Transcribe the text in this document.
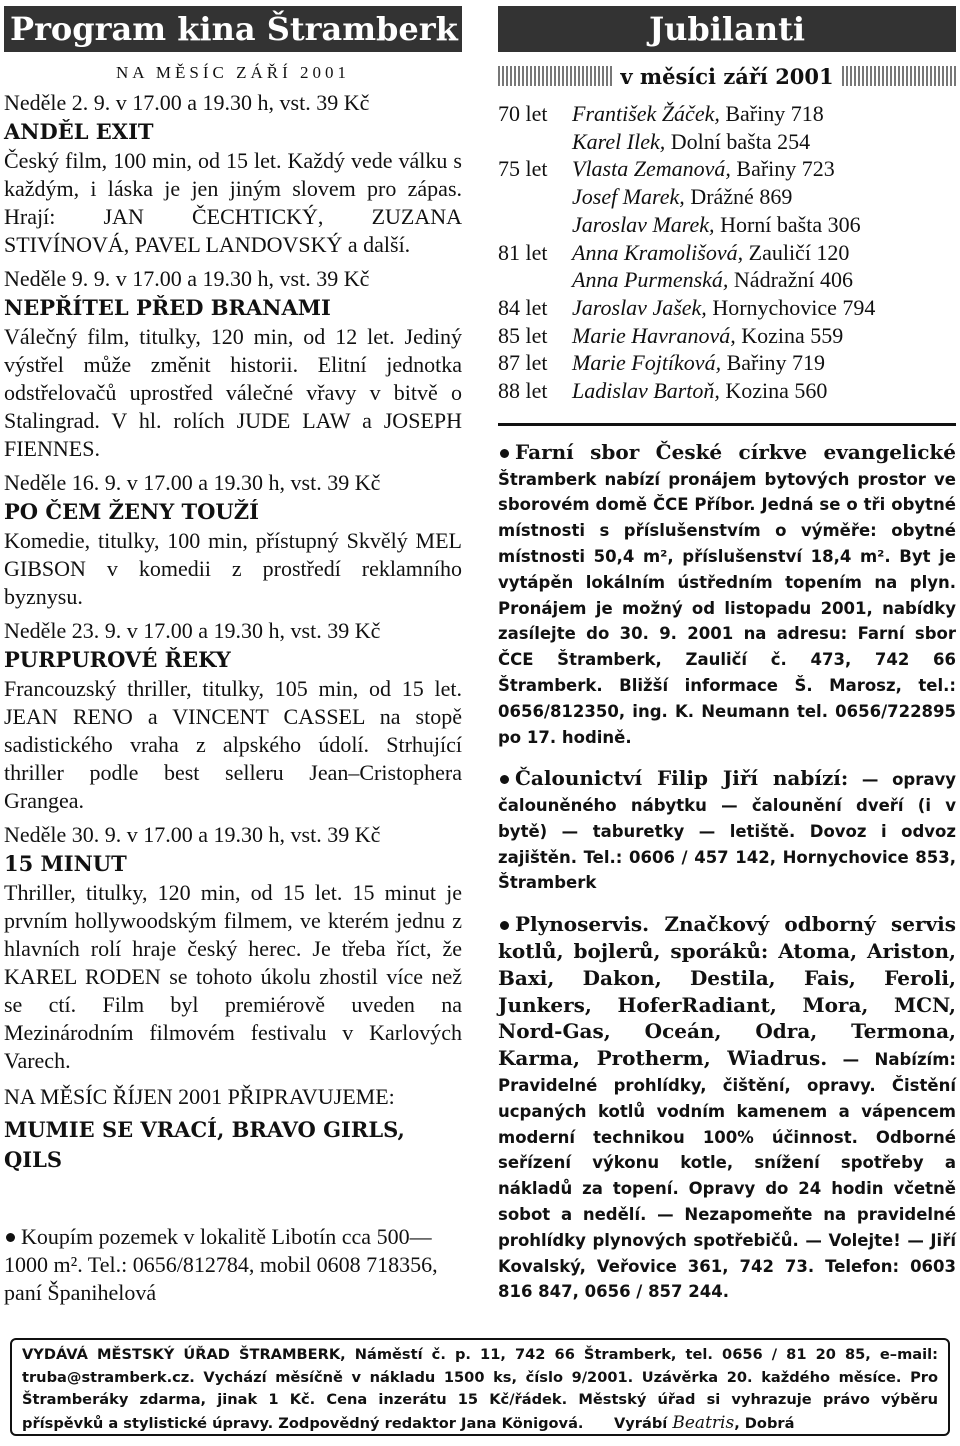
Program kina Štramberk
NA MĚSÍC ZÁŘÍ 2001
Neděle 2. 9. v 17.00 a 19.30 h, vst. 39 Kč
ANDĚL EXIT
Český film, 100 min, od 15 let. Každý vede válku s každým, i láska je jen jiným slovem pro zápas. Hrají: JAN ČECHTICKÝ, ZUZANA STIVÍNOVÁ, PAVEL LANDOVSKÝ a další.
Neděle 9. 9. v 17.00 a 19.30 h, vst. 39 Kč
NEPŘÍTEL PŘED BRANAMI
Válečný film, titulky, 120 min, od 12 let. Jediný výstřel může změnit historii. Elitní jednotka odstřelovačů uprostřed válečné vřavy v bitvě o Stalingrad. V hl. rolích JUDE LAW a JOSEPH FIENNES.
Neděle 16. 9. v 17.00 a 19.30 h, vst. 39 Kč
PO ČEM ŽENY TOUŽÍ
Komedie, titulky, 100 min, přístupný Skvělý MEL GIBSON v komedii z prostředí reklamního byznysu.
Neděle 23. 9. v 17.00 a 19.30 h, vst. 39 Kč
PURPUROVÉ ŘEKY
Francouzský thriller, titulky, 105 min, od 15 let. JEAN RENO a VINCENT CASSEL na stopě sadistického vraha z alpského údolí. Strhující thriller podle best selleru Jean–Cristophera Grangea.
Neděle 30. 9. v 17.00 a 19.30 h, vst. 39 Kč
15 MINUT
Thriller, titulky, 120 min, od 15 let. 15 minut je prvním hollywoodským filmem, ve kterém jednu z hlavních rolí hraje český herec. Je třeba říct, že KAREL RODEN se tohoto úkolu zhostil více než se ctí. Film byl premiérově uveden na Mezinárodním filmovém festivalu v Karlových Varech.
NA MĚSÍC ŘÍJEN 2001 PŘIPRAVUJEME:
MUMIE SE VRACÍ, BRAVO GIRLS, QILS
Koupím pozemek v lokalitě Libotín cca 500—1000 m². Tel.: 0656/812784, mobil 0608 718356, paní Španihelová
Jubilanti
v měsíci září 2001
70 let	František Žáček, Bařiny 718
Karel Ilek, Dolní bašta 254
75 let	Vlasta Zemanová, Bařiny 723
Josef Marek, Drážné 869
Jaroslav Marek, Horní bašta 306
81 let	Anna Kramolišová, Zauličí 120
Anna Purmenská, Nádražní 406
84 let	Jaroslav Jašek, Hornychovice 794
85 let	Marie Havranová, Kozina 559
87 let	Marie Fojtíková, Bařiny 719
88 let	Ladislav Bartoň, Kozina 560
Farní sbor České církve evangelické Štramberk nabízí pronájem bytových prostor ve sborovém domě ČCE Příbor. Jedná se o tři obytné místnosti s příslušenstvím o výměře: obytné místnosti 50,4 m², příslušenství 18,4 m². Byt je vytápěn lokálním ústředním topením na plyn. Pronájem je možný od listopadu 2001, nabídky zasílejte do 30. 9. 2001 na adresu: Farní sbor ČCE Štramberk, Zauličí č. 473, 742 66 Štramberk. Bližší informace Š. Marosz, tel.: 0656/812350, ing. K. Neumann tel. 0656/722895 po 17. hodině.
Čalounictví Filip Jiří nabízí: — opravy čalouněného nábytku — čalounění dveří (i v bytě) — taburetky — letiště. Dovoz i odvoz zajištěn. Tel.: 0606 / 457 142, Hornychovice 853, Štramberk
Plynoservis. Značkový odborný servis kotlů, bojlerů, sporáků: Atoma, Ariston, Baxi, Dakon, Destila, Fais, Feroli, Junkers, HoferRadiant, Mora, MCN, Nord-Gas, Oceán, Odra, Termona, Karma, Protherm, Wiadrus. — Nabízím: Pravidelné prohlídky, čištění, opravy. Čistění ucpaných kotlů vodním kamenem a vápencem moderní technikou 100% účinnost. Odborné seřízení výkonu kotle, snížení spotřeby a nákladů za topení. Opravy do 24 hodin včetně sobot a nedělí. — Nezapomeňte na pravidelné prohlídky plynových spotřebičů. — Volejte! — Jiří Kovalský, Veřovice 361, 742 73. Telefon: 0603 816 847, 0656 / 857 244.
VYDÁVÁ MĚSTSKÝ ÚŘAD ŠTRAMBERK, Náměstí č. p. 11, 742 66 Štramberk, tel. 0656 / 81 20 85, e–mail: truba@stramberk.cz. Vychází měsíčně v nákladu 1500 ks, číslo 9/2001. Uzávěrka 20. každého měsíce. Pro Štramberáky zdarma, jinak 1 Kč. Cena inzerátu 15 Kč/řádek. Městský úřad si vyhrazuje právo výběru příspěvků a stylistické úpravy. Zodpovědný redaktor Jana Königová. Vyrábí Beatris, Dobrá
